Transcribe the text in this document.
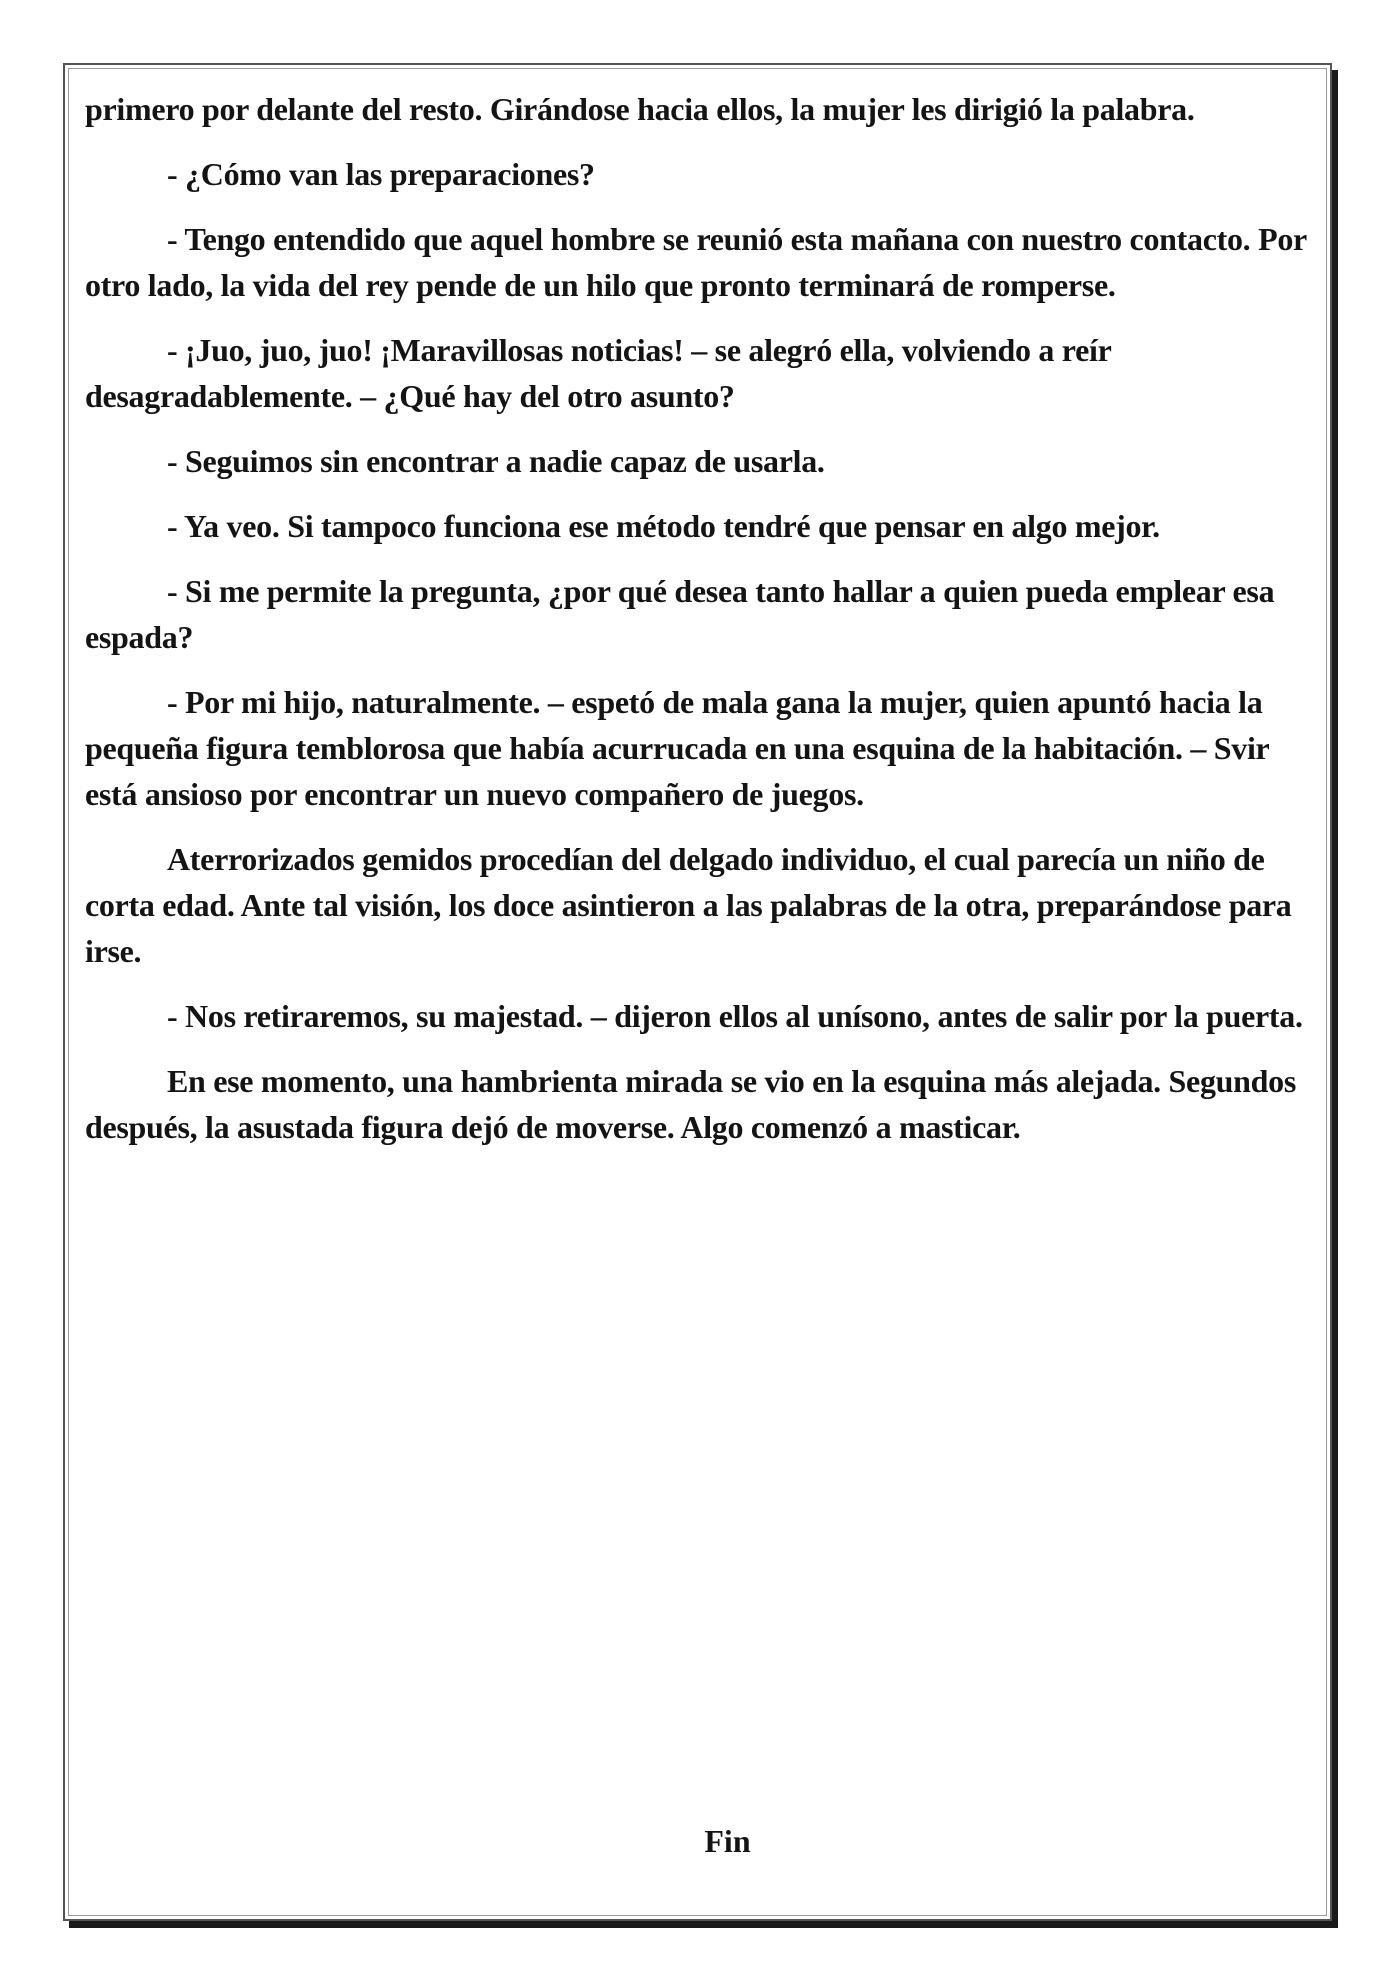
primero por delante del resto. Girándose hacia ellos, la mujer les dirigió la palabra.

- ¿Cómo van las preparaciones?

- Tengo entendido que aquel hombre se reunió esta mañana con nuestro contacto. Por otro lado, la vida del rey pende de un hilo que pronto terminará de romperse.

- ¡Juo, juo, juo! ¡Maravillosas noticias! – se alegró ella, volviendo a reír desagradablemente. – ¿Qué hay del otro asunto?

- Seguimos sin encontrar a nadie capaz de usarla.

- Ya veo. Si tampoco funciona ese método tendré que pensar en algo mejor.

- Si me permite la pregunta, ¿por qué desea tanto hallar a quien pueda emplear esa espada?

- Por mi hijo, naturalmente. – espetó de mala gana la mujer, quien apuntó hacia la pequeña figura temblorosa que había acurrucada en una esquina de la habitación. – Svir está ansioso por encontrar un nuevo compañero de juegos.

Aterrorizados gemidos procedían del delgado individuo, el cual parecía un niño de corta edad. Ante tal visión, los doce asintieron a las palabras de la otra, preparándose para irse.

- Nos retiraremos, su majestad. – dijeron ellos al unísono, antes de salir por la puerta.

En ese momento, una hambrienta mirada se vio en la esquina más alejada. Segundos después, la asustada figura dejó de moverse. Algo comenzó a masticar.

Fin
